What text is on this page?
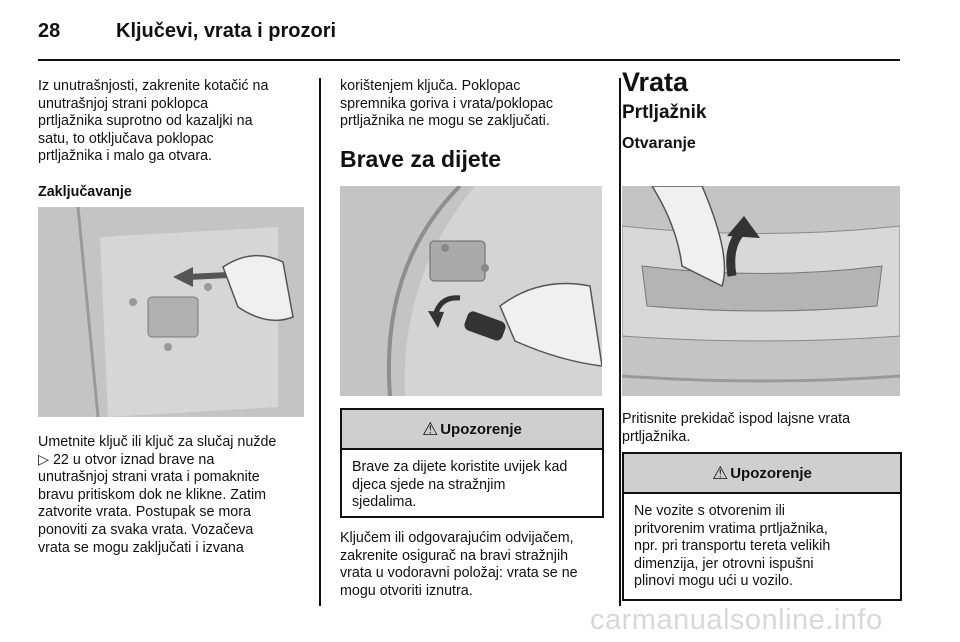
28	Ključevi, vrata i prozori

Iz unutrašnjosti, zakrenite kotačić na

unutrašnjoj strani poklopca

prtljažnika suprotno od kazaljki na

satu, to otključava poklopac

prtljažnika i malo ga otvara.

Zaključavanje

Umetnite ključ ili ključ za slučaj nužde

▷ 22 u otvor iznad brave na

unutrašnjoj strani vrata i pomaknite

bravu pritiskom dok ne klikne. Zatim

zatvorite vrata. Postupak se mora

ponoviti za svaka vrata. Vozačeva

vrata se mogu zaključati i izvana

korištenjem ključa. Poklopac

spremnika goriva i vrata/poklopac

prtljažnika ne mogu se zaključati.

Brave za dijete

⚠ Upozorenje
Brave za dijete koristite uvijek kad
djeca sjede na stražnjim
sjedalima.

Ključem ili odgovarajućim odvijačem,

zakrenite osigurač na bravi stražnjih

vrata u vodoravni položaj: vrata se ne

mogu otvoriti iznutra.

Vrata

Prtljažnik

Otvaranje

Pritisnite prekidač ispod lajsne vrata

prtljažnika.

⚠ Upozorenje
Ne vozite s otvorenim ili
pritvorenim vratima prtljažnika,
npr. pri transportu tereta velikih
dimenzija, jer otrovni ispušni
plinovi mogu ući u vozilo.
carmanualsonline.info
